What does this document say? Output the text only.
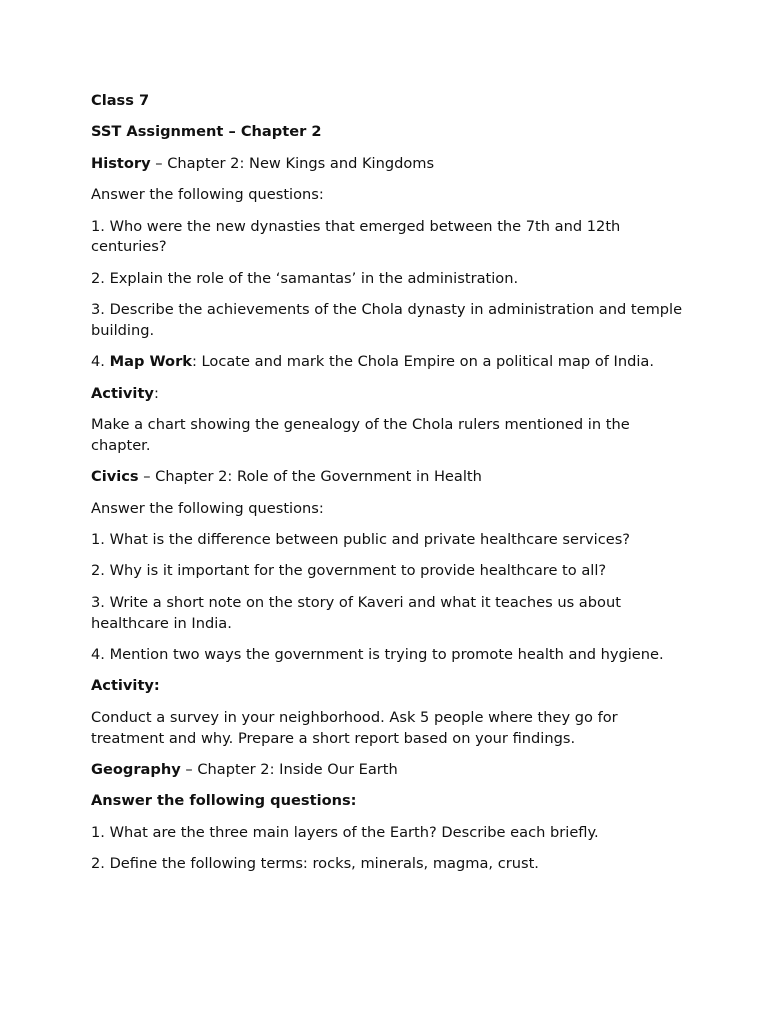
Class 7
SST Assignment – Chapter 2
History – Chapter 2: New Kings and Kingdoms
Answer the following questions:
1. Who were the new dynasties that emerged between the 7th and 12th centuries?
2. Explain the role of the ‘samantas’ in the administration.
3. Describe the achievements of the Chola dynasty in administration and temple building.
4. Map Work: Locate and mark the Chola Empire on a political map of India.
Activity:
Make a chart showing the genealogy of the Chola rulers mentioned in the chapter.
Civics – Chapter 2: Role of the Government in Health
Answer the following questions:
1. What is the difference between public and private healthcare services?
2. Why is it important for the government to provide healthcare to all?
3. Write a short note on the story of Kaveri and what it teaches us about healthcare in India.
4. Mention two ways the government is trying to promote health and hygiene.
Activity:
Conduct a survey in your neighborhood. Ask 5 people where they go for treatment and why. Prepare a short report based on your findings.
Geography – Chapter 2: Inside Our Earth
Answer the following questions:
1. What are the three main layers of the Earth? Describe each briefly.
2. Define the following terms: rocks, minerals, magma, crust.
